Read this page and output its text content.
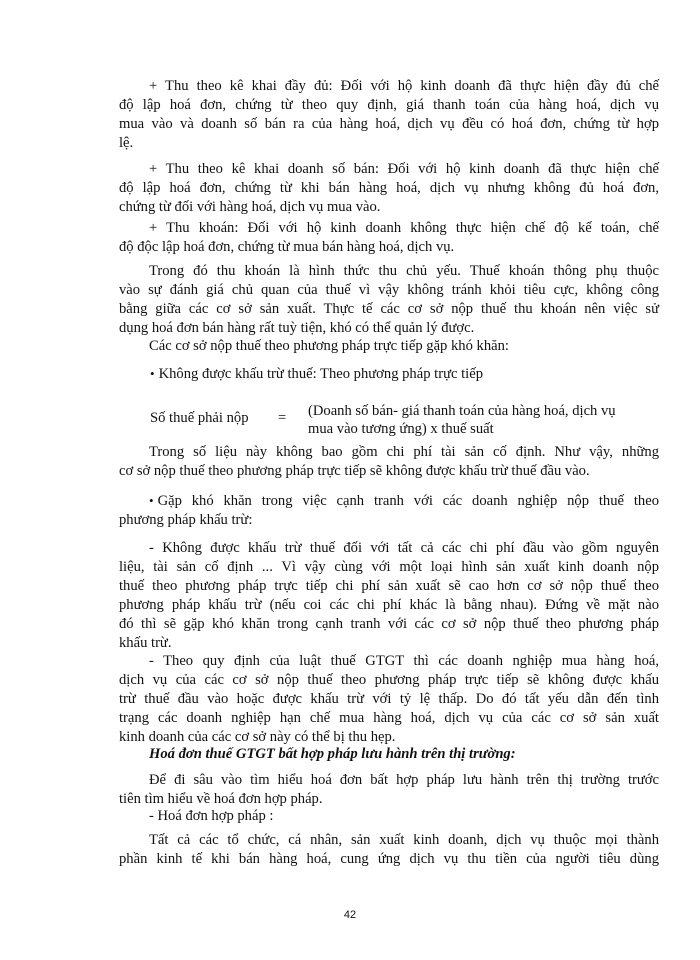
+ Thu theo kê khai đầy đủ: Đối với hộ kinh doanh đã thực hiện đầy đủ chế
độ lập hoá đơn, chứng từ theo quy định, giá thanh toán của hàng hoá, dịch vụ
mua vào và doanh số bán ra của hàng hoá, dịch vụ đều có hoá đơn, chứng từ hợp
lệ.
+ Thu theo kê khai doanh số bán: Đối với hộ kinh doanh đã thực hiện chế
độ lập hoá đơn, chứng từ khi bán hàng hoá, dịch vụ nhưng không đủ hoá đơn,
chứng từ đối với hàng hoá, dịch vụ mua vào.
+ Thu khoán: Đối với hộ kinh doanh không thực hiện chế độ kế toán, chế
độ độc lập hoá đơn, chứng từ mua bán hàng hoá, dịch vụ.
Trong đó thu khoán là hình thức thu chủ yếu. Thuế khoán thông phụ thuộc
vào sự đánh giá chủ quan của thuế vì vậy không tránh khỏi tiêu cực, không công
bằng giữa các cơ sở sản xuất. Thực tế các cơ sở nộp thuế thu khoán nên việc sử
dụng hoá đơn bán hàng rất tuỳ tiện, khó có thể quản lý được.
Các cơ sở nộp thuế theo phương pháp trực tiếp gặp khó khăn:
• Không được khấu trừ thuế: Theo phương pháp trực tiếp
Số thuế phải nộp = (Doanh số bán- giá thanh toán của hàng hoá, dịch vụ
mua vào tương ứng) x thuế suất
Trong số liệu này không bao gồm chi phí tài sản cố định. Như vậy, những
cơ sở nộp thuế theo phương pháp trực tiếp sẽ không được khấu trừ thuế đầu vào.
• Gặp khó khăn trong việc cạnh tranh với các doanh nghiệp nộp thuế theo
phương pháp khấu trừ:
- Không được khấu trừ thuế đối với tất cả các chi phí đầu vào gồm nguyên
liệu, tài sản cố định ... Vì vậy cùng với một loại hình sản xuất kinh doanh nộp
thuế theo phương pháp trực tiếp chi phí sản xuất sẽ cao hơn cơ sở nộp thuế theo
phương pháp khấu trừ (nếu coi các chi phí khác là bằng nhau). Đứng về mặt nào
đó thì sẽ gặp khó khăn trong cạnh tranh với các cơ sở nộp thuế theo phương pháp
khấu trừ.
- Theo quy định của luật thuế GTGT thì các doanh nghiệp mua hàng hoá,
dịch vụ của các cơ sở nộp thuế theo phương pháp trực tiếp sẽ không được khấu
trừ thuế đầu vào hoặc được khấu trừ với tỷ lệ thấp. Do đó tất yếu dẫn đến tình
trạng các doanh nghiệp hạn chế mua hàng hoá, dịch vụ của các cơ sở sản xuất
kinh doanh của các cơ sở này có thể bị thu hẹp.
Hoá đơn thuế GTGT bất hợp pháp lưu hành trên thị trường:
Để đi sâu vào tìm hiểu hoá đơn bất hợp pháp lưu hành trên thị trường trước
tiên tìm hiểu về hoá đơn hợp pháp.
- Hoá đơn hợp pháp :
Tất cả các tổ chức, cá nhân, sản xuất kinh doanh, dịch vụ thuộc mọi thành
phần kinh tế khi bán hàng hoá, cung ứng dịch vụ thu tiền của người tiêu dùng
42
